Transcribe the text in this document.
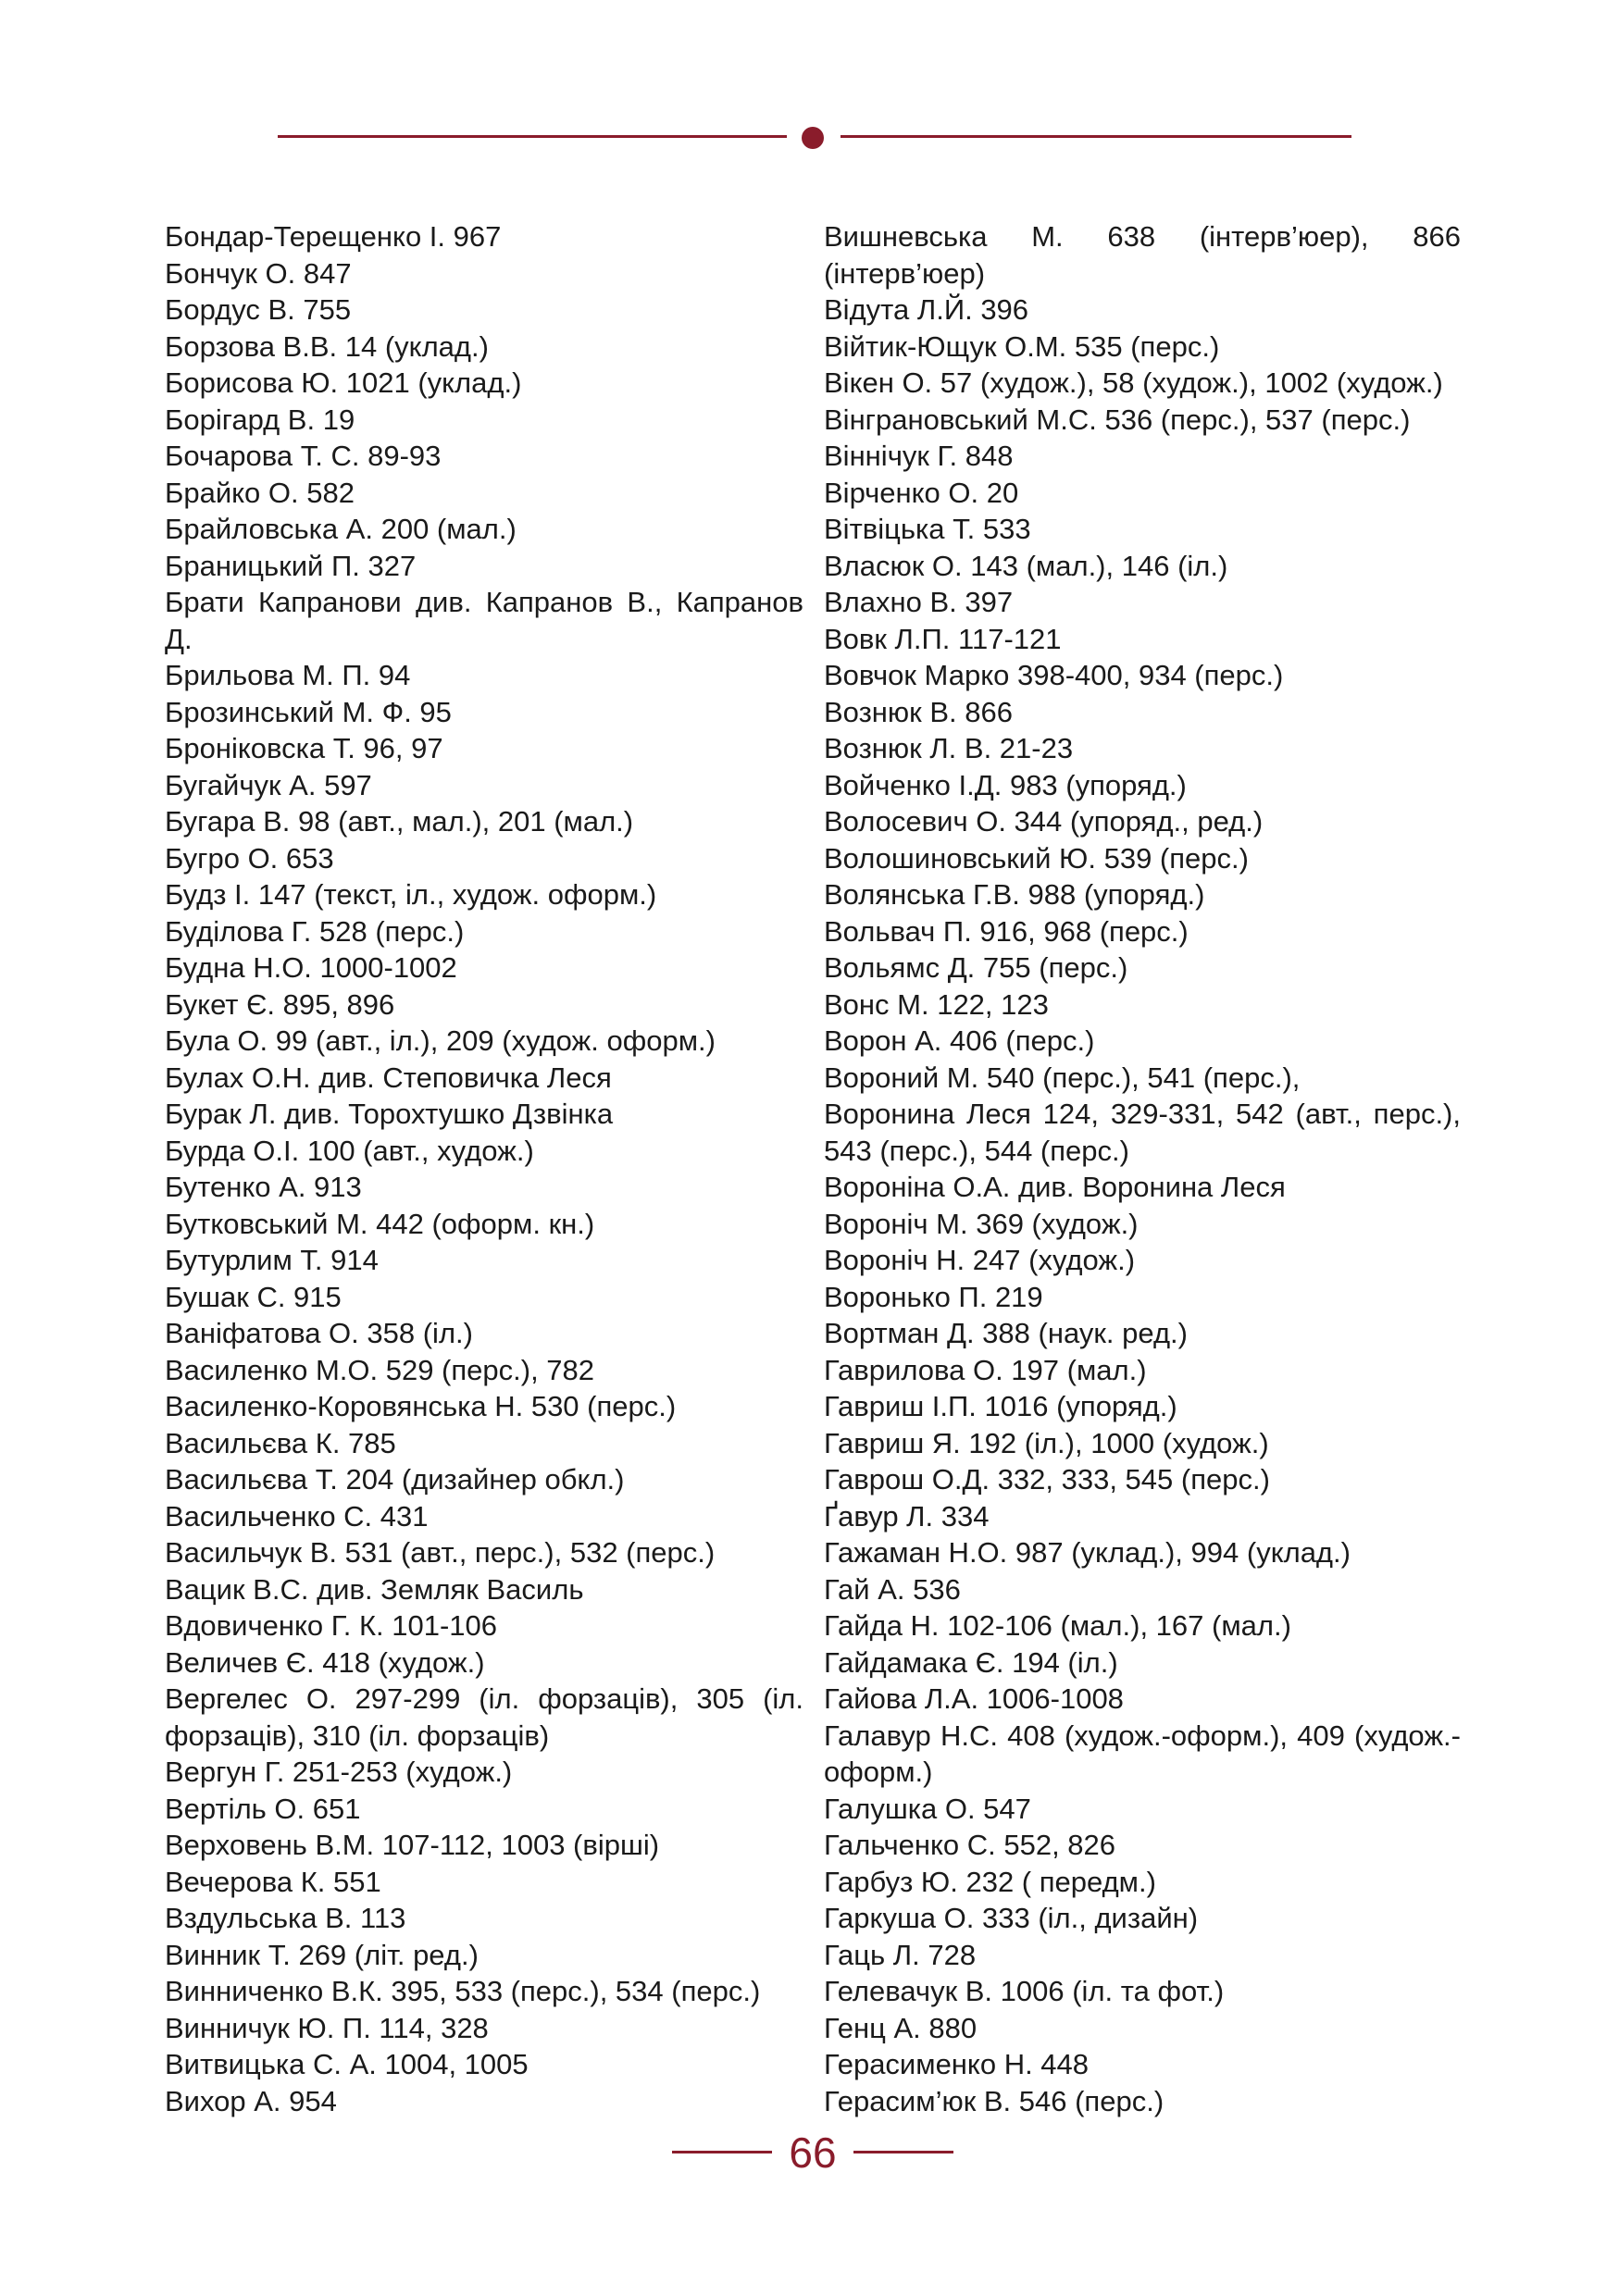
Бондар-Терещенко І. 967
Бончук О. 847
Бордус В. 755
Борзова В.В. 14 (уклад.)
Борисова Ю. 1021 (уклад.)
Борігард В. 19
Бочарова Т. С. 89-93
Брайко О. 582
Брайловська А. 200 (мал.)
Браницький П. 327
Брати Капранови див. Капранов В., Капранов Д.
Брильова М. П. 94
Брозинський М. Ф. 95
Броніковска Т. 96, 97
Бугайчук А. 597
Бугара В. 98 (авт., мал.), 201 (мал.)
Бугро О. 653
Будз І. 147 (текст, іл., худож. оформ.)
Буділова Г. 528 (перс.)
Будна Н.О. 1000-1002
Букет Є. 895, 896
Була О. 99 (авт., іл.), 209 (худож. оформ.)
Булах О.Н. див. Степовичка Леся
Бурак Л. див. Торохтушко Дзвінка
Бурда О.І. 100 (авт., худож.)
Бутенко А. 913
Бутковський М. 442 (оформ. кн.)
Бутурлим Т. 914
Бушак С. 915
Ваніфатова О. 358 (іл.)
Василенко М.О. 529 (перс.), 782
Василенко-Коровянська Н. 530 (перс.)
Васильєва К. 785
Васильєва Т. 204 (дизайнер обкл.)
Васильченко С. 431
Васильчук В. 531 (авт., перс.), 532 (перс.)
Вацик В.С. див. Земляк Василь
Вдовиченко Г. К. 101-106
Величев Є. 418 (худож.)
Вергелес О. 297-299 (іл. форзаців), 305 (іл. форзаців), 310 (іл. форзаців)
Вергун Г. 251-253 (худож.)
Вертіль О. 651
Верховень В.М. 107-112, 1003 (вірші)
Вечерова К. 551
Вздульська В. 113
Винник Т. 269 (літ. ред.)
Винниченко В.К. 395, 533 (перс.), 534 (перс.)
Винничук Ю. П. 114, 328
Витвицька С. А. 1004, 1005
Вихор А. 954
Вишневська М. 638 (інтерв’юер), 866 (інтерв’юер)
Відута Л.Й. 396
Війтик-Ющук О.М. 535 (перс.)
Вікен О. 57 (худож.), 58 (худож.), 1002 (худож.)
Вінграновський М.С. 536 (перс.), 537 (перс.)
Віннічук Г. 848
Вірченко О. 20
Вітвіцька Т. 533
Власюк О. 143 (мал.), 146 (іл.)
Влахно В. 397
Вовк Л.П. 117-121
Вовчок Марко 398-400, 934 (перс.)
Вознюк В. 866
Вознюк Л. В. 21-23
Войченко І.Д. 983 (упоряд.)
Волосевич О. 344 (упоряд., ред.)
Волошиновський Ю. 539 (перс.)
Волянська Г.В. 988 (упоряд.)
Вольвач П. 916, 968 (перс.)
Вольямс Д. 755 (перс.)
Вонс М. 122, 123
Ворон А. 406 (перс.)
Вороний М. 540 (перс.), 541 (перс.),
Воронина Леся 124, 329-331, 542 (авт., перс.), 543 (перс.), 544 (перс.)
Вороніна О.А. див. Воронина Леся
Вороніч М. 369 (худож.)
Вороніч Н. 247 (худож.)
Воронько П. 219
Вортман Д. 388 (наук. ред.)
Гаврилова О. 197 (мал.)
Гавриш І.П. 1016 (упоряд.)
Гавриш Я. 192 (іл.), 1000 (худож.)
Гаврош О.Д. 332, 333, 545 (перс.)
Ґавур Л. 334
Гажаман Н.О. 987 (уклад.), 994 (уклад.)
Гай А. 536
Гайда Н. 102-106 (мал.), 167 (мал.)
Гайдамака Є. 194 (іл.)
Гайова Л.А. 1006-1008
Галавур Н.С. 408 (худож.-оформ.), 409 (худож.-оформ.)
Галушка О. 547
Гальченко С. 552, 826
Гарбуз Ю. 232 ( передм.)
Гаркуша О. 333 (іл., дизайн)
Гаць Л. 728
Гелевачук В. 1006 (іл. та фот.)
Генц А. 880
Герасименко Н. 448
Герасим’юк В. 546 (перс.)
66
